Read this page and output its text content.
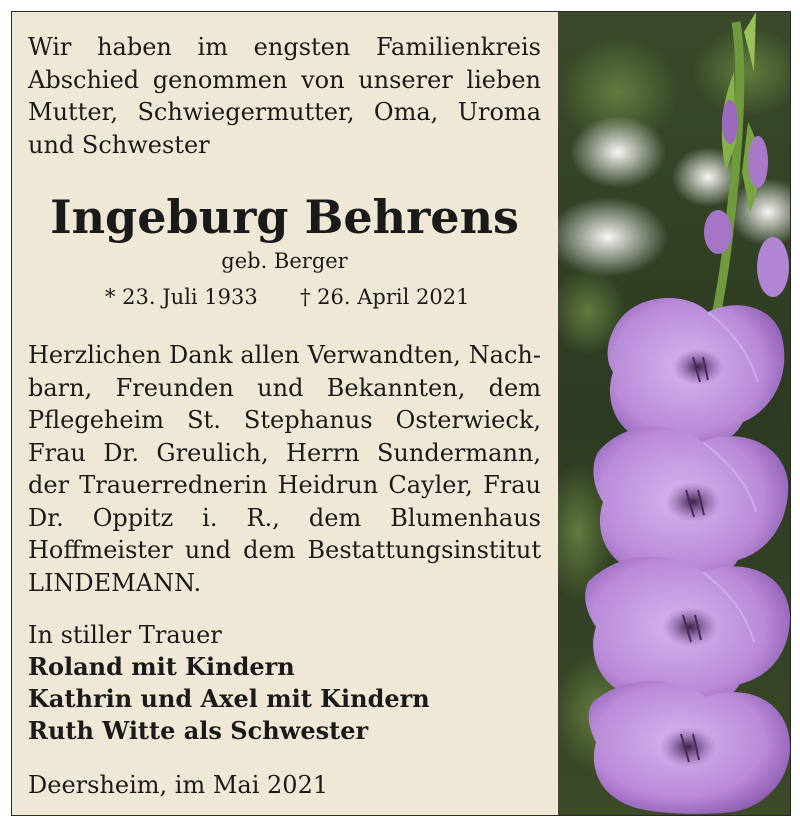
Wir haben im engsten Familienkreis
Abschied genommen von unserer lieben
Mutter, Schwiegermutter, Oma, Uroma
und Schwester
Ingeburg Behrens
geb. Berger
* 23. Juli 1933 † 26. April 2021
Herzlichen Dank allen Verwandten, Nach-
barn, Freunden und Bekannten, dem
Pflegeheim St. Stephanus Osterwieck,
Frau Dr. Greulich, Herrn Sundermann,
der Trauerrednerin Heidrun Cayler, Frau
Dr. Oppitz i. R., dem Blumenhaus
Hoffmeister und dem Bestattungsinstitut
LINDEMANN.
In stiller Trauer
Roland mit Kindern
Kathrin und Axel mit Kindern
Ruth Witte als Schwester
Deersheim, im Mai 2021
